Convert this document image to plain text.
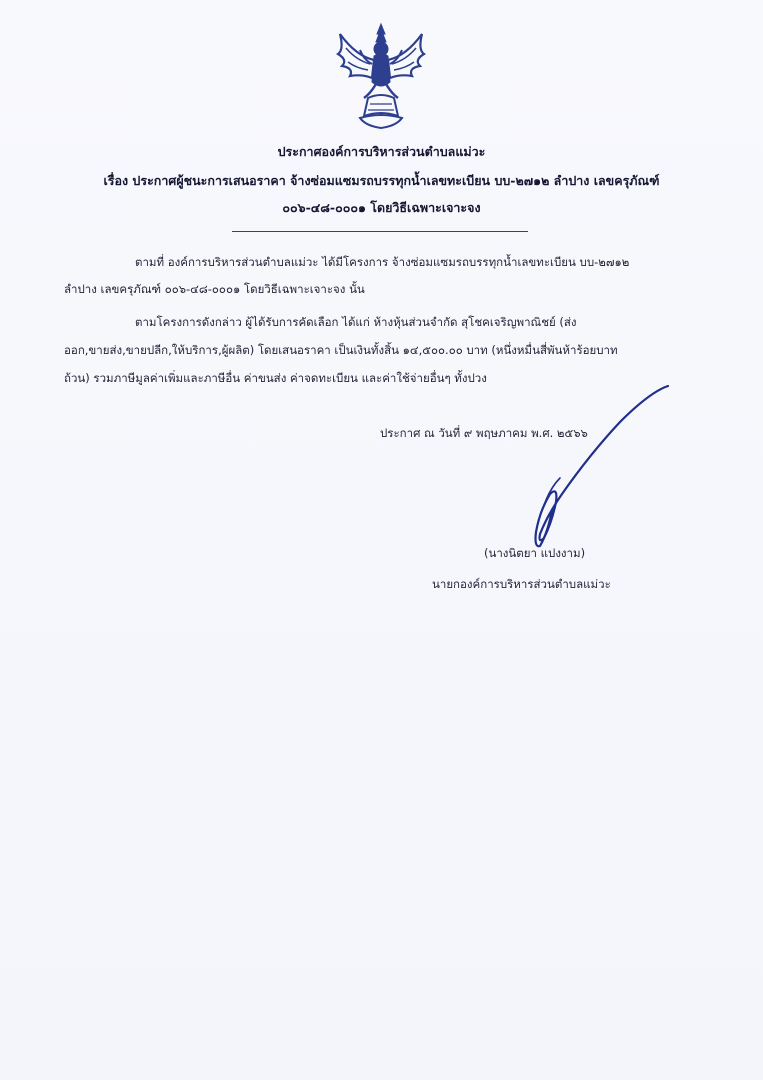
ประกาศองค์การบริหารส่วนตำบลแม่วะ
เรื่อง ประกาศผู้ชนะการเสนอราคา จ้างซ่อมแซมรถบรรทุกน้ำเลขทะเบียน บบ-๒๗๑๒ ลำปาง เลขครุภัณฑ์
๐๐๖-๔๘-๐๐๐๑ โดยวิธีเฉพาะเจาะจง
ตามที่ องค์การบริหารส่วนตำบลแม่วะ ได้มีโครงการ จ้างซ่อมแซมรถบรรทุกน้ำเลขทะเบียน บบ-๒๗๑๒
ลำปาง เลขครุภัณฑ์ ๐๐๖-๔๘-๐๐๐๑ โดยวิธีเฉพาะเจาะจง นั้น
ตามโครงการดังกล่าว ผู้ได้รับการคัดเลือก ได้แก่ ห้างหุ้นส่วนจำกัด สุโชคเจริญพาณิชย์ (ส่ง
ออก,ขายส่ง,ขายปลีก,ให้บริการ,ผู้ผลิต) โดยเสนอราคา เป็นเงินทั้งสิ้น ๑๔,๕๐๐.๐๐ บาท (หนึ่งหมื่นสี่พันห้าร้อยบาท
ถ้วน) รวมภาษีมูลค่าเพิ่มและภาษีอื่น ค่าขนส่ง ค่าจดทะเบียน และค่าใช้จ่ายอื่นๆ ทั้งปวง
ประกาศ ณ วันที่ ๙ พฤษภาคม พ.ศ. ๒๕๖๖
(นางนิตยา แปงงาม)
นายกองค์การบริหารส่วนตำบลแม่วะ
